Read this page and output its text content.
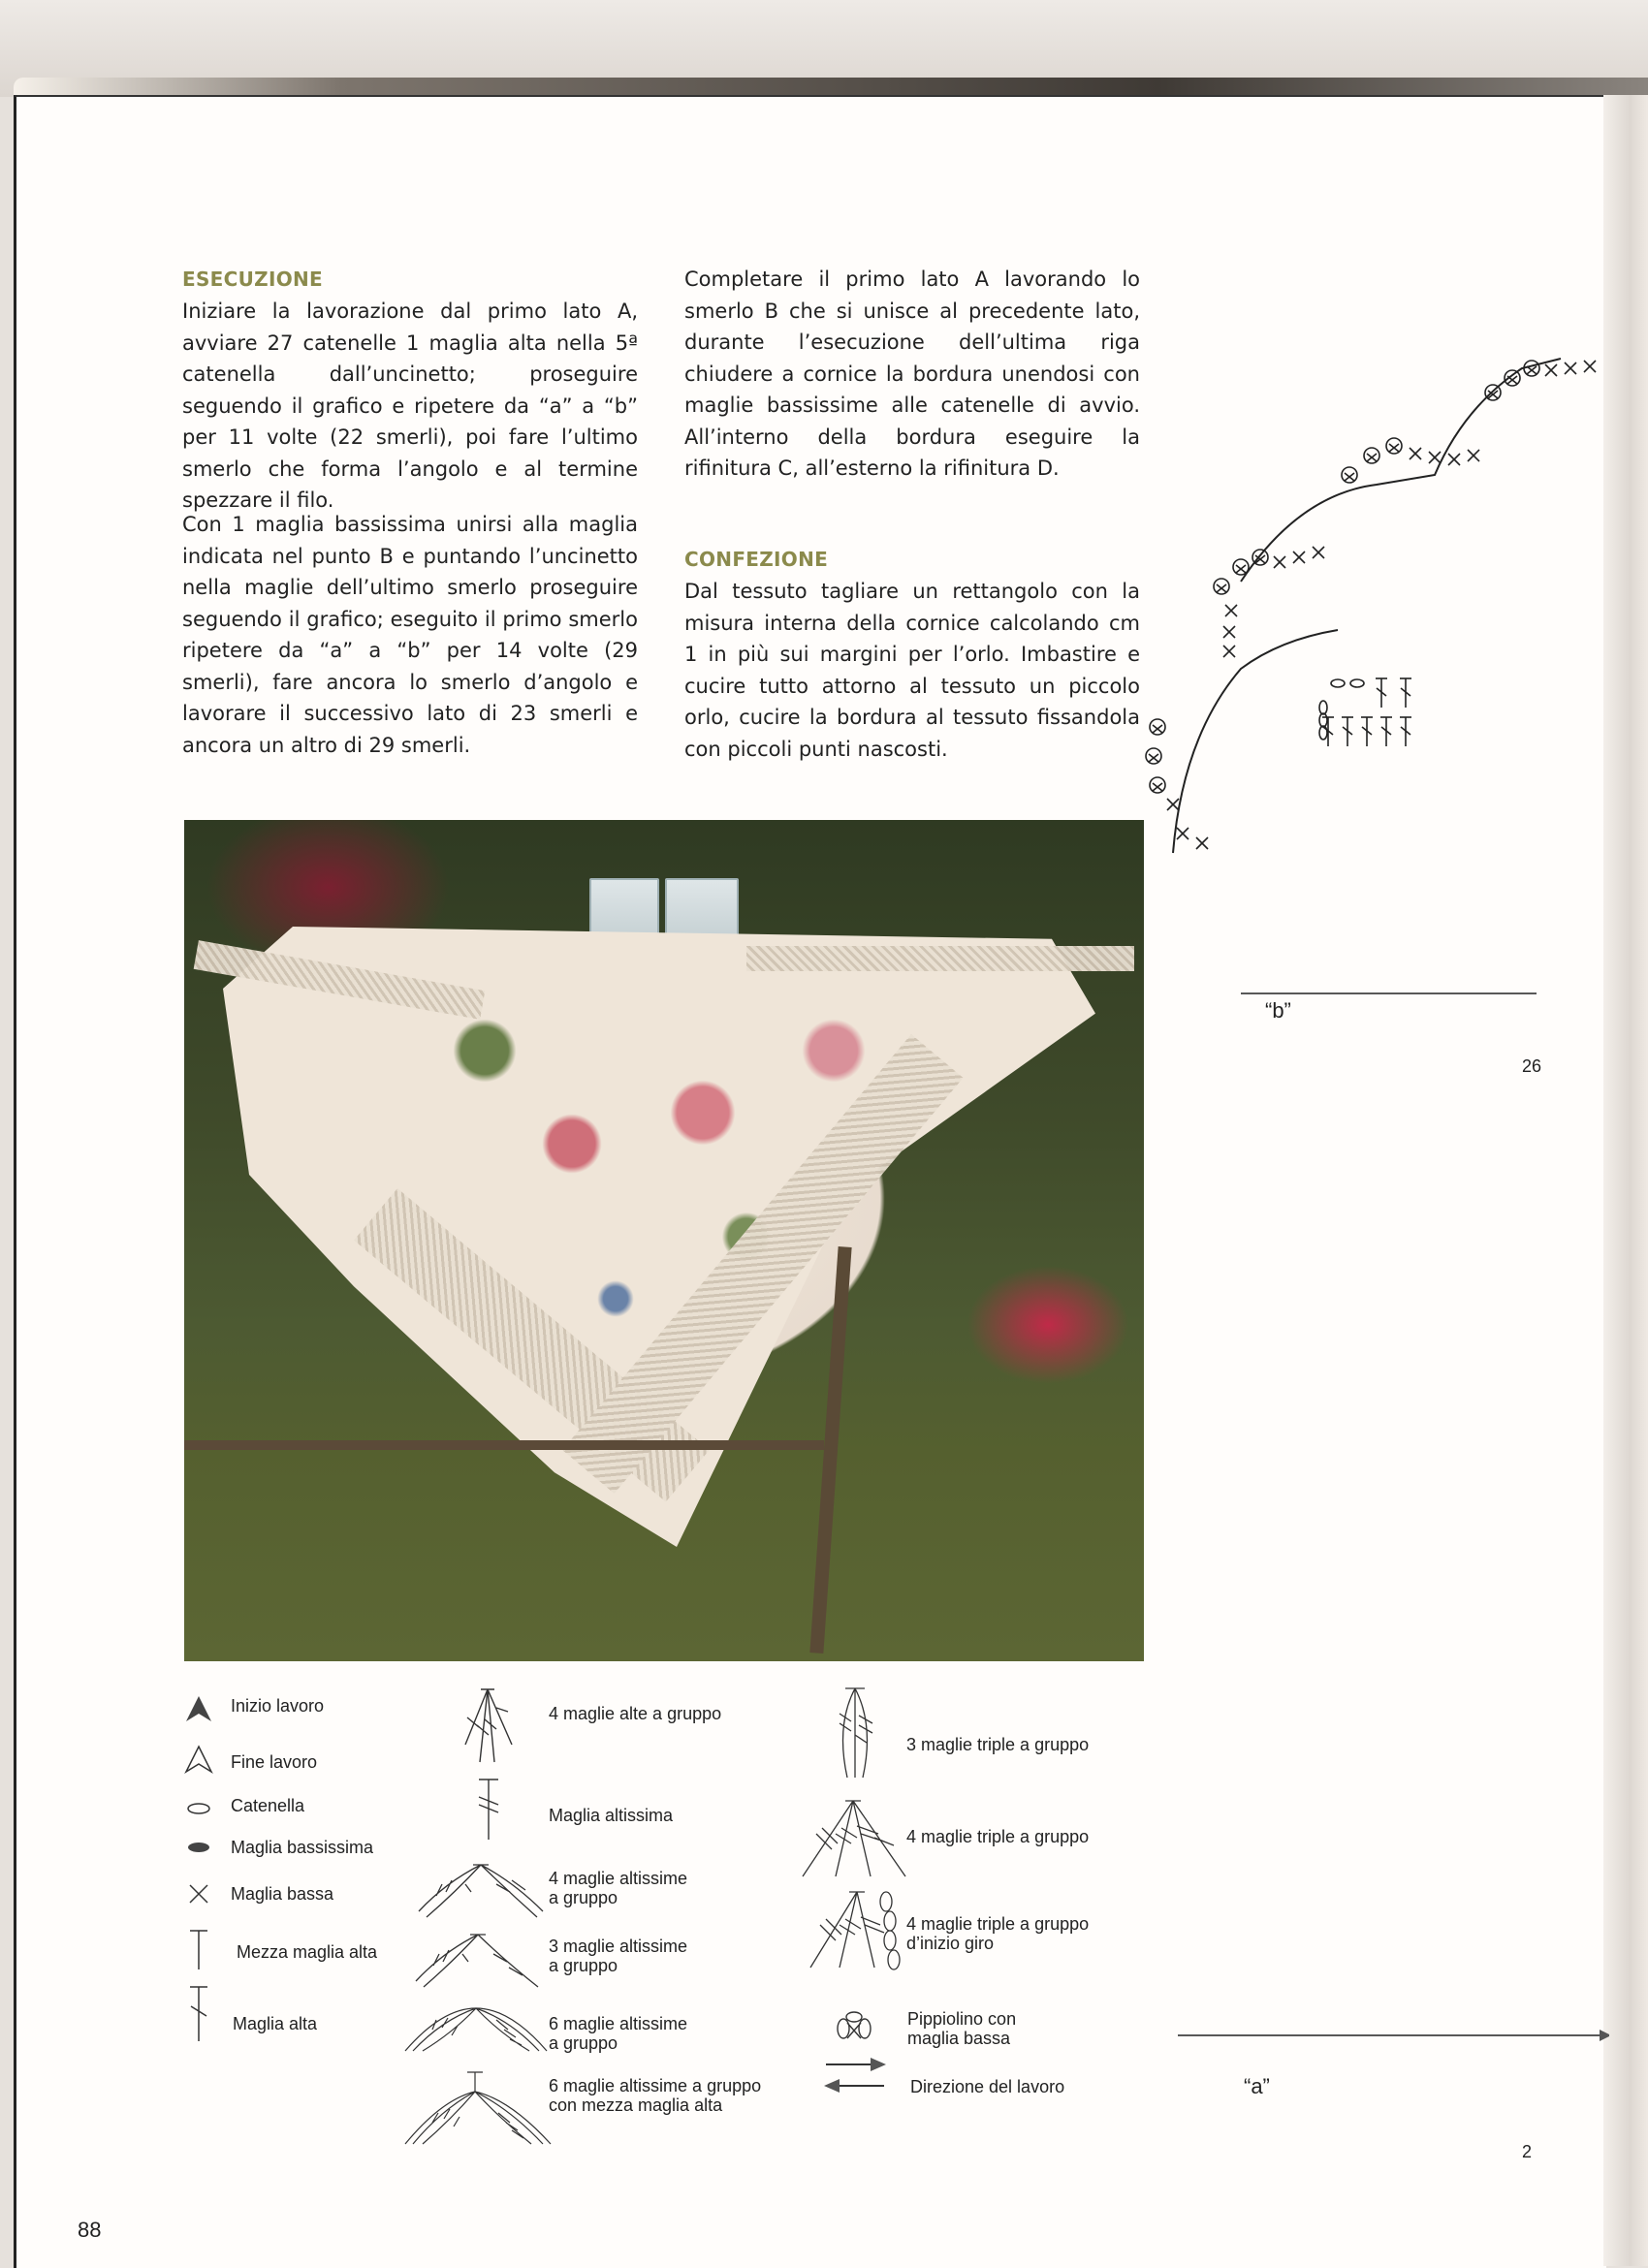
ESECUZIONE
Iniziare la lavorazione dal primo lato A, avviare 27 catenelle 1 maglia alta nella 5ª catenella dall’uncinetto; proseguire seguendo il grafico e ripetere da “a” a “b” per 11 volte (22 smerli), poi fare l’ultimo smerlo che forma l’angolo e al termine spezzare il filo.
Con 1 maglia bassissima unirsi alla maglia indicata nel punto B e puntando l’uncinetto nella maglie dell’ultimo smerlo proseguire seguendo il grafico; eseguito il primo smerlo ripetere da “a” a “b” per 14 volte (29 smerli), fare ancora lo smerlo d’angolo e lavorare il successivo lato di 23 smerli e ancora un altro di 29 smerli.
Completare il primo lato A lavorando lo smerlo B che si unisce al precedente lato, durante l’esecuzione dell’ultima riga chiudere a cornice la bordura unendosi con maglie bassissime alle catenelle di avvio. All’interno della bordura eseguire la rifinitura C, all’esterno la rifinitura D.
CONFEZIONE
Dal tessuto tagliare un rettangolo con la misura interna della cornice calcolando cm 1 in più sui margini per l’orlo. Imbastire e cucire tutto attorno al tessuto un piccolo orlo, cucire la bordura al tessuto fissandola con piccoli punti nascosti.
“b”
“a”
26
2
Inizio lavoro
Fine lavoro
Catenella
Maglia bassissima
Maglia bassa
Mezza maglia alta
Maglia alta
4 maglie alte a gruppo
Maglia altissima
4 maglie altissime
a gruppo
3 maglie altissime
a gruppo
6 maglie altissime
a gruppo
6 maglie altissime a gruppo
con mezza maglia alta
3 maglie triple a gruppo
4 maglie triple a gruppo
4 maglie triple a gruppo
d’inizio giro
Pippiolino con
maglia bassa
Direzione del lavoro
88
